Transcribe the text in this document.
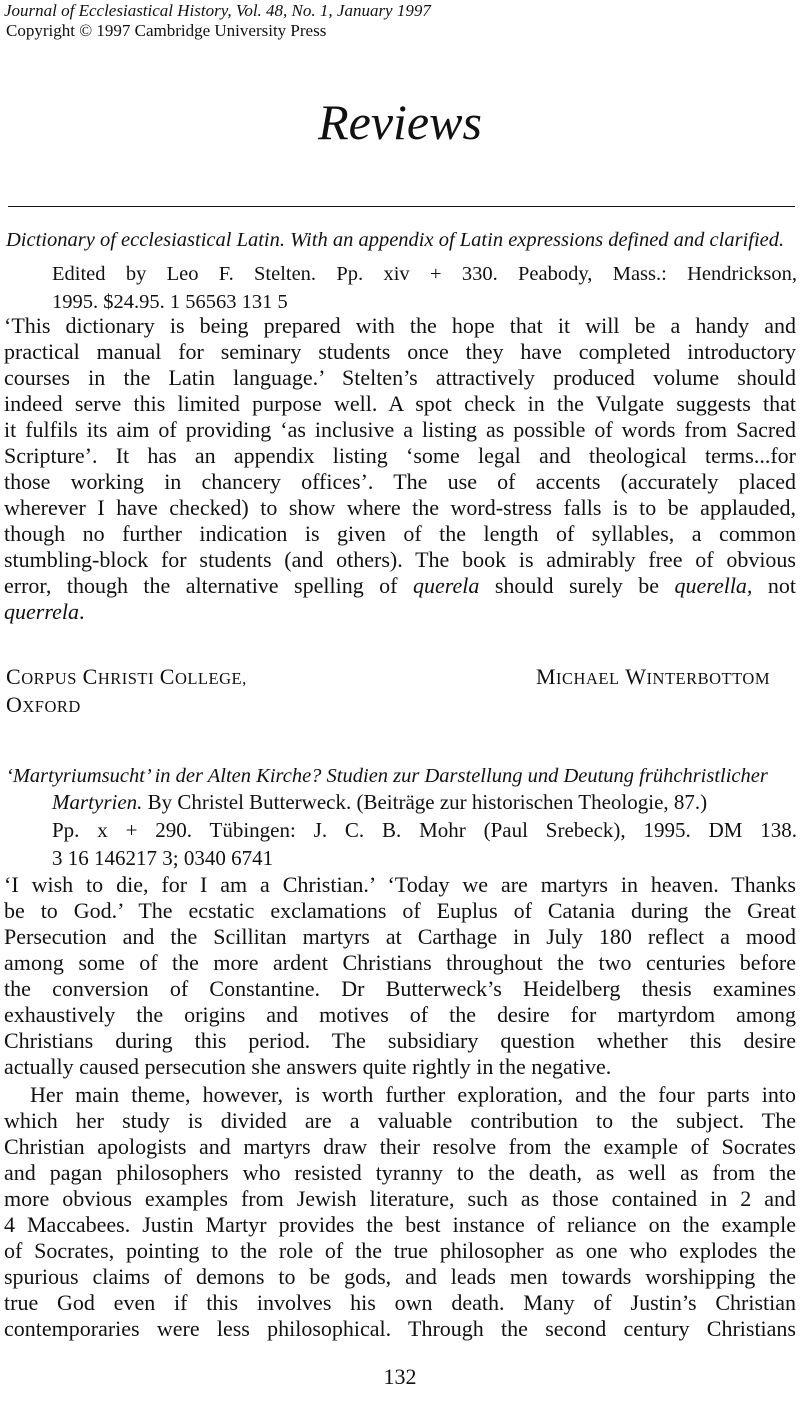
Journal of Ecclesiastical History, Vol. 48, No. 1, January 1997
Copyright © 1997 Cambridge University Press
Reviews
Dictionary of ecclesiastical Latin. With an appendix of Latin expressions defined and clarified.
Edited by Leo F. Stelten. Pp. xiv + 330. Peabody, Mass.: Hendrickson,
1995. $24.95. 1 56563 131 5
‘This dictionary is being prepared with the hope that it will be a handy and
practical manual for seminary students once they have completed introductory
courses in the Latin language.’ Stelten’s attractively produced volume should
indeed serve this limited purpose well. A spot check in the Vulgate suggests that
it fulfils its aim of providing ‘as inclusive a listing as possible of words from Sacred
Scripture’. It has an appendix listing ‘some legal and theological terms...for
those working in chancery offices’. The use of accents (accurately placed
wherever I have checked) to show where the word-stress falls is to be applauded,
though no further indication is given of the length of syllables, a common
stumbling-block for students (and others). The book is admirably free of obvious
error, though the alternative spelling of querela should surely be querella, not
querrela.
CORPUS CHRISTI COLLEGE,
OXFORD
MICHAEL WINTERBOTTOM
‘Martyriumsucht’ in der Alten Kirche? Studien zur Darstellung und Deutung frühchristlicher
Martyrien. By Christel Butterweck. (Beiträge zur historischen Theologie, 87.)
Pp. x + 290. Tübingen: J. C. B. Mohr (Paul Srebeck), 1995. DM 138.
3 16 146217 3; 0340 6741
‘I wish to die, for I am a Christian.’ ‘Today we are martyrs in heaven. Thanks
be to God.’ The ecstatic exclamations of Euplus of Catania during the Great
Persecution and the Scillitan martyrs at Carthage in July 180 reflect a mood
among some of the more ardent Christians throughout the two centuries before
the conversion of Constantine. Dr Butterweck’s Heidelberg thesis examines
exhaustively the origins and motives of the desire for martyrdom among
Christians during this period. The subsidiary question whether this desire
actually caused persecution she answers quite rightly in the negative.
Her main theme, however, is worth further exploration, and the four parts into
which her study is divided are a valuable contribution to the subject. The
Christian apologists and martyrs draw their resolve from the example of Socrates
and pagan philosophers who resisted tyranny to the death, as well as from the
more obvious examples from Jewish literature, such as those contained in 2 and
4 Maccabees. Justin Martyr provides the best instance of reliance on the example
of Socrates, pointing to the role of the true philosopher as one who explodes the
spurious claims of demons to be gods, and leads men towards worshipping the
true God even if this involves his own death. Many of Justin’s Christian
contemporaries were less philosophical. Through the second century Christians
132
